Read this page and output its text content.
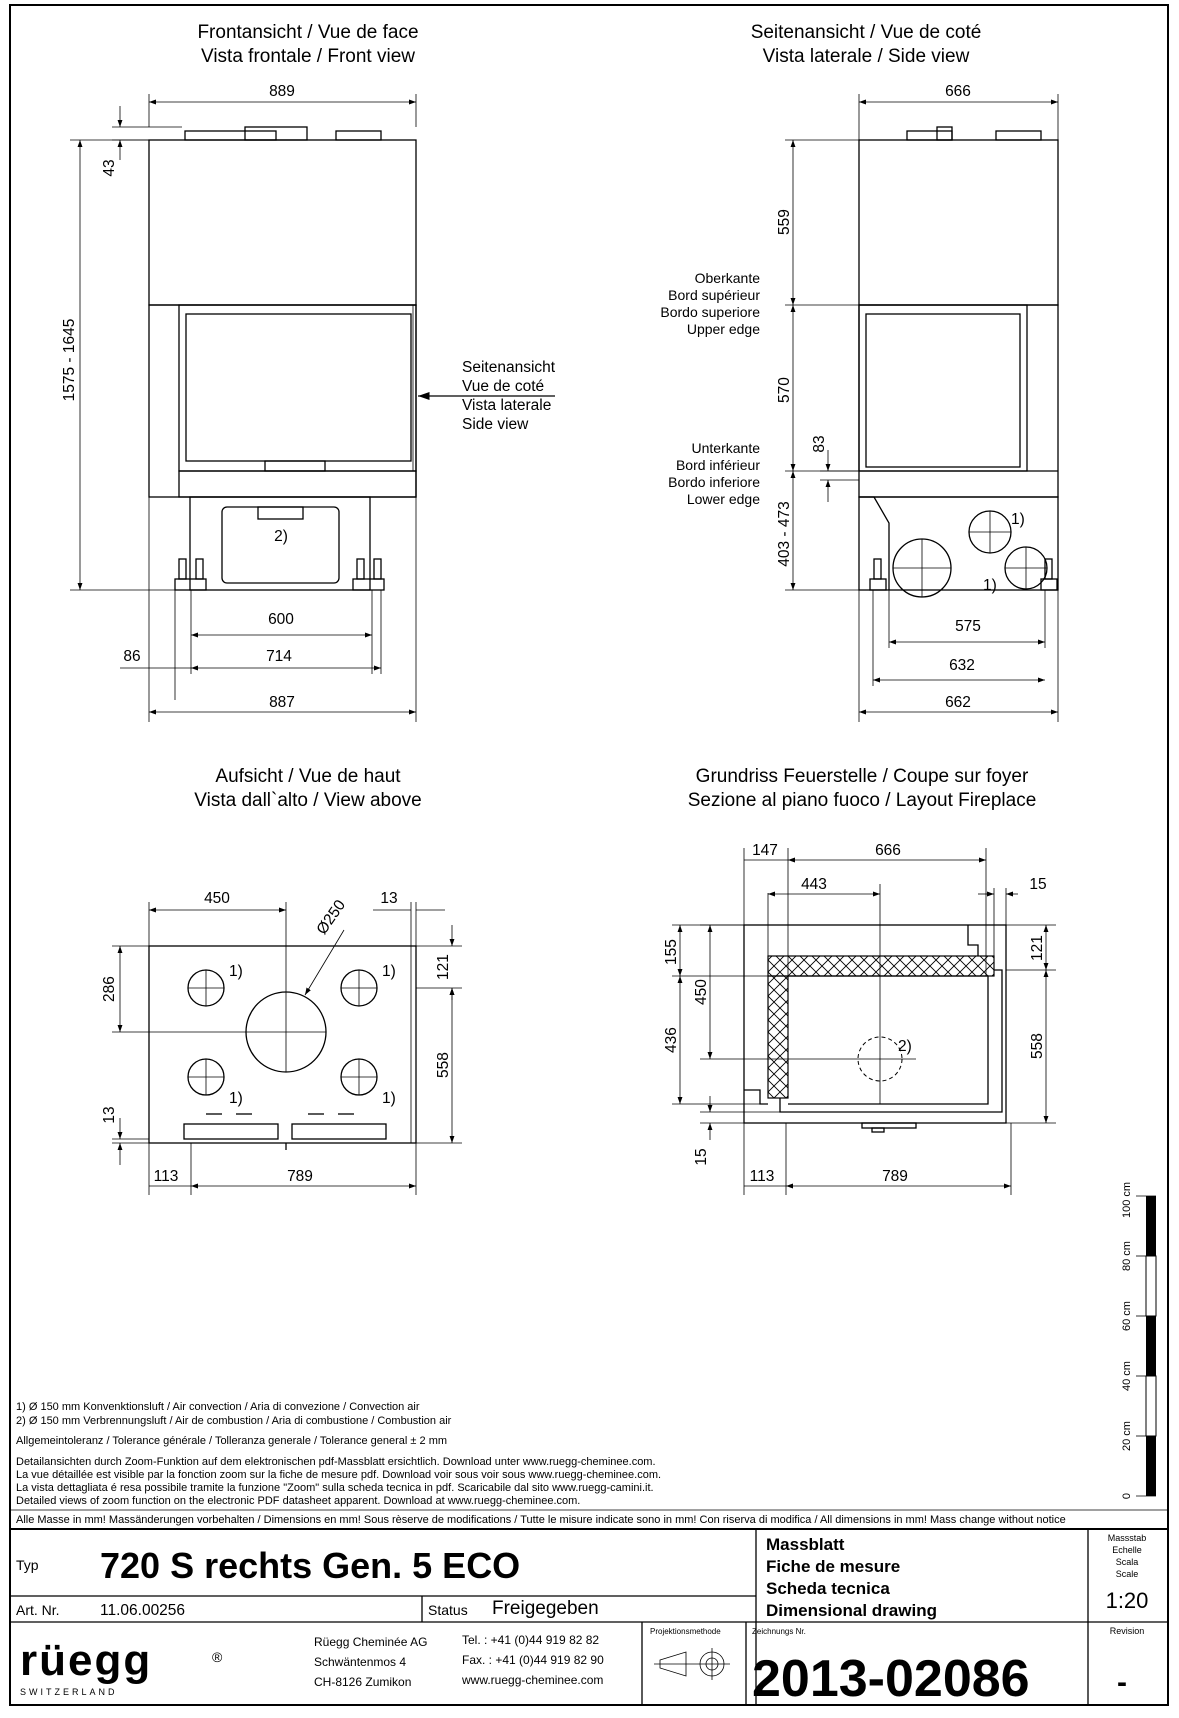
Frontansicht / Vue de face
Vista frontale / Front view
2)
889
43
1575 - 1645
600
86	714
887
Seitenansicht
Vue de coté
Vista laterale
Side view
Seitenansicht / Vue de coté
Vista laterale / Side view
1)
1)
666
559
570
83
403 - 473
Oberkante
Bord supérieur
Bordo superiore
Upper edge
Unterkante
Bord inférieur
Bordo inferiore
Lower edge
575
632
662
Aufsicht / Vue de haut
Vista dall`alto / View above
Ø250
1)	1)
1)	1)
450	13
286
121
558
13
113	789
Grundriss Feuerstelle / Coupe sur foyer
Sezione al piano fuoco / Layout Fireplace
2)
147	666
443	15
155
450
436
15
121
558
113	789
0
20 cm
40 cm
60 cm
80 cm
100 cm
1) Ø 150 mm Konvenktionsluft / Air convection / Aria di convezione / Convection air
2) Ø 150 mm Verbrennungsluft / Air de combustion / Aria di combustione / Combustion air
Allgemeintoleranz / Tolerance générale / Tolleranza generale / Tolerance general ± 2 mm
Detailansichten durch Zoom-Funktion auf dem elektronischen pdf-Massblatt ersichtlich. Download unter www.ruegg-cheminee.com.
La vue détaillée est visible par la fonction zoom sur la fiche de mesure pdf. Download voir sous voir sous www.ruegg-cheminee.com.
La vista dettagliata é resa possibile tramite la funzione "Zoom" sulla scheda tecnica in pdf. Scaricabile dal sito www.ruegg-camini.it.
Detailed views of zoom function on the electronic PDF datasheet apparent. Download at www.ruegg-cheminee.com.
Alle Masse in mm! Massänderungen vorbehalten / Dimensions en mm! Sous rèserve de modifications / Tutte le misure indicate sono in mm! Con riserva di modifica / All dimensions in mm! Mass change without notice
Typ 720 S rechts Gen. 5 ECO
Art. Nr.	11.06.00256	Status Freigegeben
Massblatt
Fiche de mesure
Scheda tecnica
Dimensional drawing
Massstab
Echelle
Scala
Scale
1:20
rüegg	®
SWITZERLAND
Rüegg Cheminée AG
Schwäntenmos 4
CH-8126 Zumikon
Tel. : +41 (0)44 919 82 82
Fax. : +41 (0)44 919 82 90
www.ruegg-cheminee.com
Projektionsmethode	Zeichnungs Nr.
2013-02086
Revision
-
